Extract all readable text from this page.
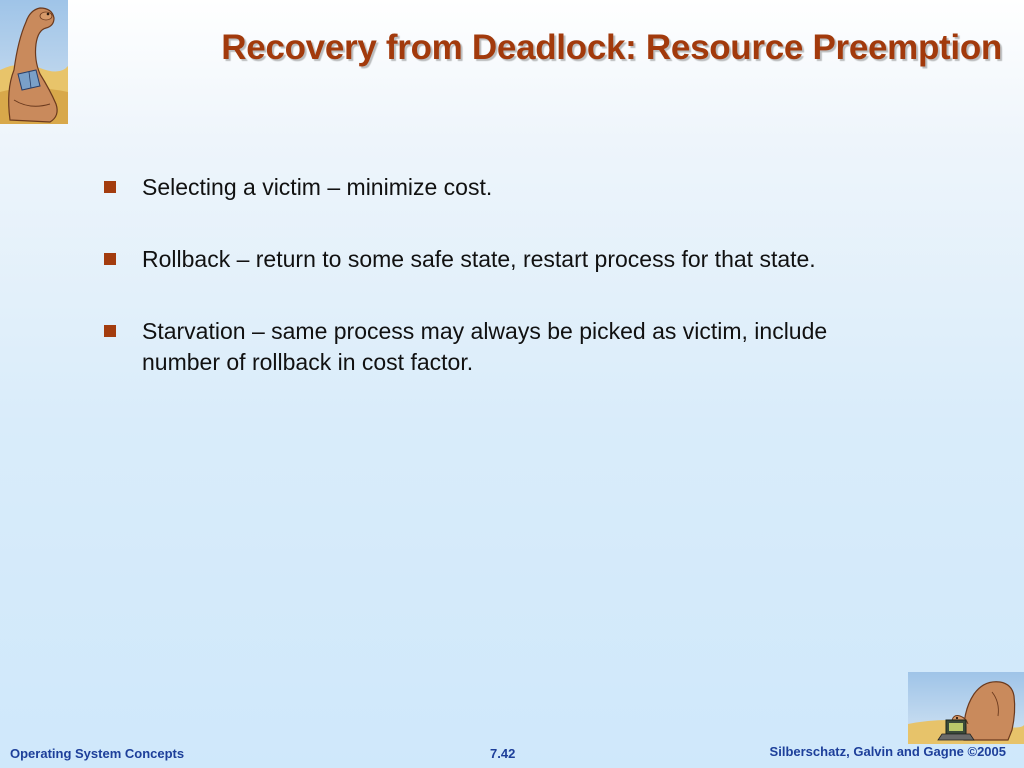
Recovery from Deadlock: Resource Preemption
Selecting a victim – minimize cost.
Rollback – return to some safe state, restart process for that state.
Starvation – same process may always be picked as victim, include number of rollback in cost factor.
Operating System Concepts	7.42	Silberschatz, Galvin and Gagne ©2005
